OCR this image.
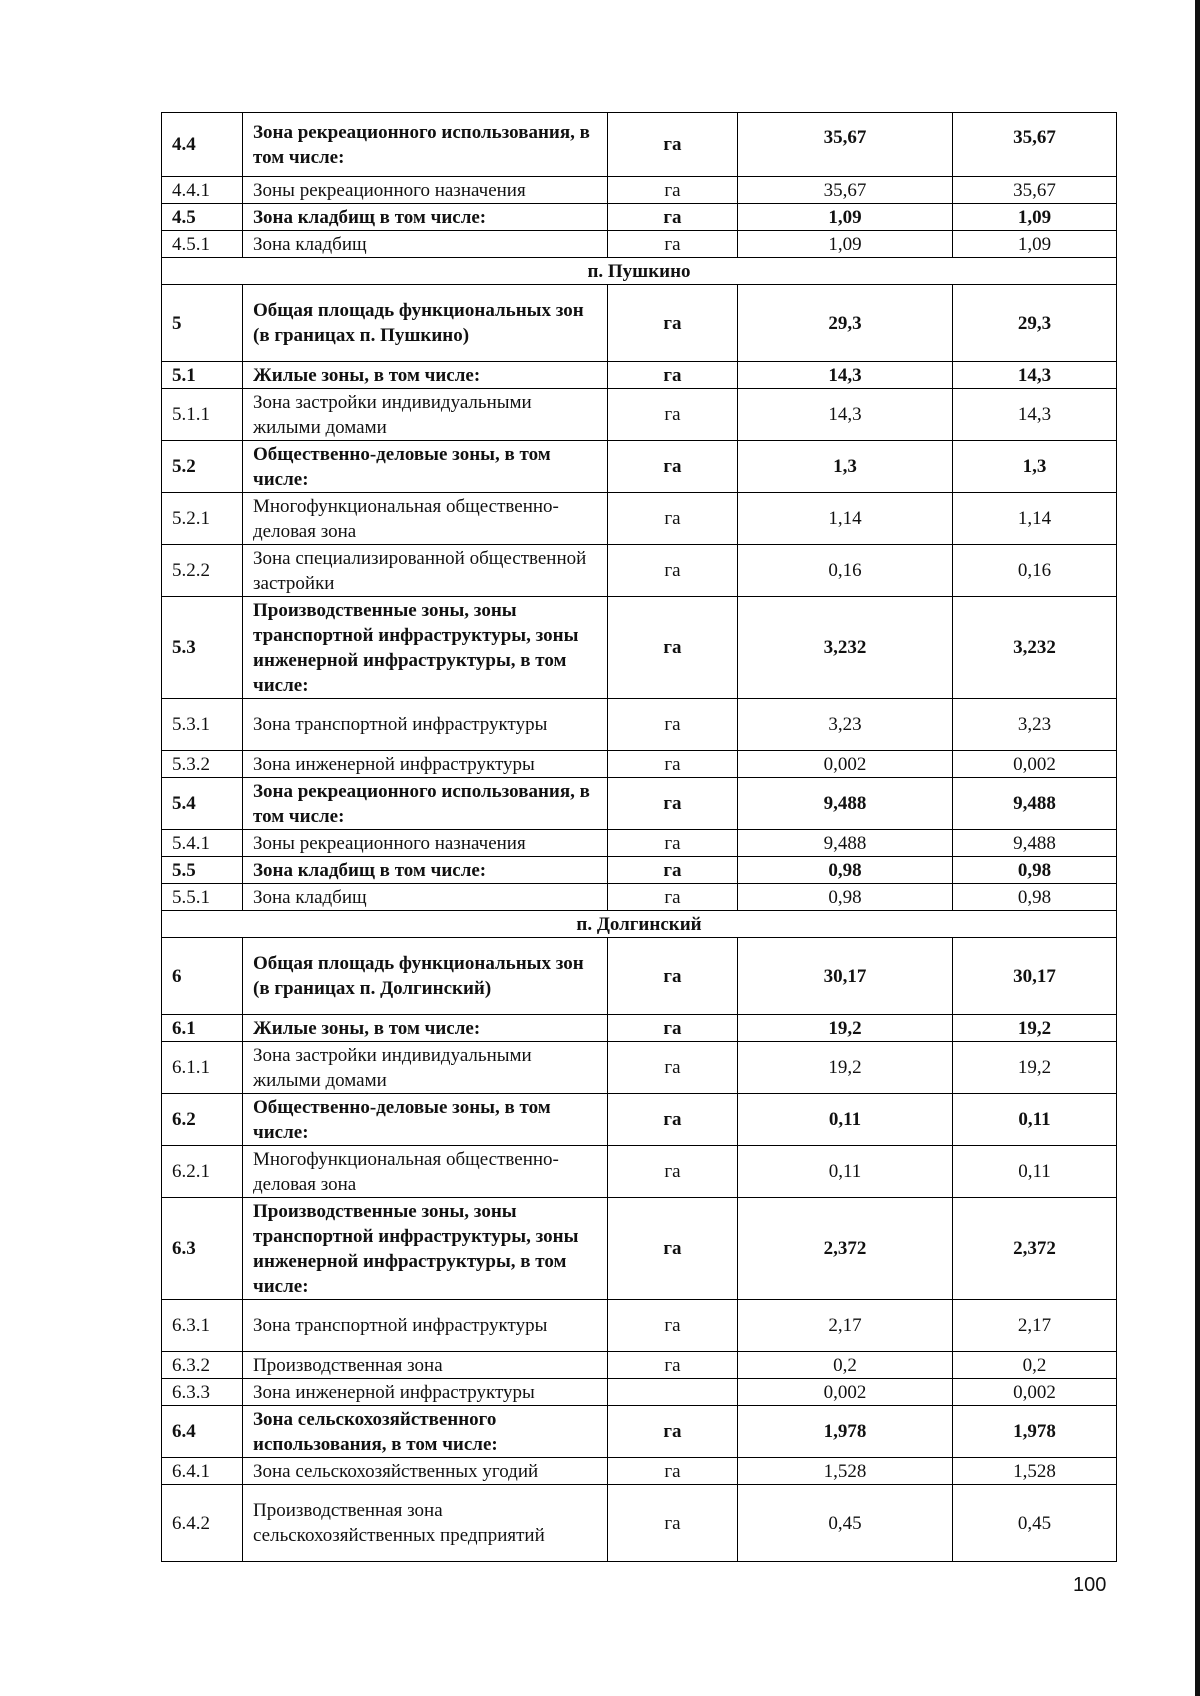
4.4	Зона рекреационного использования, в том числе:	га	35,67	35,67
4.4.1	Зоны рекреационного назначения	га	35,67	35,67
4.5	Зона кладбищ в том числе:	га	1,09	1,09
4.5.1	Зона кладбищ	га	1,09	1,09
п. Пушкино				
5	Общая площадь функциональных зон (в границах п. Пушкино)	га	29,3	29,3
5.1	Жилые зоны, в том числе:	га	14,3	14,3
5.1.1	Зона застройки индивидуальными жилыми домами	га	14,3	14,3
5.2	Общественно-деловые зоны, в том числе:	га	1,3	1,3
5.2.1	Многофункциональная общественно-деловая зона	га	1,14	1,14
5.2.2	Зона специализированной общественной застройки	га	0,16	0,16
5.3	Производственные зоны, зоны транспортной инфраструктуры, зоны инженерной инфраструктуры, в том числе:	га	3,232	3,232
5.3.1	Зона транспортной инфраструктуры	га	3,23	3,23
5.3.2	Зона инженерной инфраструктуры	га	0,002	0,002
5.4	Зона рекреационного использования, в том числе:	га	9,488	9,488
5.4.1	Зоны рекреационного назначения	га	9,488	9,488
5.5	Зона кладбищ в том числе:	га	0,98	0,98
5.5.1	Зона кладбищ	га	0,98	0,98
п. Долгинский				
6	Общая площадь функциональных зон (в границах п. Долгинский)	га	30,17	30,17
6.1	Жилые зоны, в том числе:	га	19,2	19,2
6.1.1	Зона застройки индивидуальными жилыми домами	га	19,2	19,2
6.2	Общественно-деловые зоны, в том числе:	га	0,11	0,11
6.2.1	Многофункциональная общественно-деловая зона	га	0,11	0,11
6.3	Производственные зоны, зоны транспортной инфраструктуры, зоны инженерной инфраструктуры, в том числе:	га	2,372	2,372
6.3.1	Зона транспортной инфраструктуры	га	2,17	2,17
6.3.2	Производственная зона	га	0,2	0,2
6.3.3	Зона инженерной инфраструктуры		0,002	0,002
6.4	Зона сельскохозяйственного использования, в том числе:	га	1,978	1,978
6.4.1	Зона сельскохозяйственных угодий	га	1,528	1,528
6.4.2	Производственная зона сельскохозяйственных предприятий	га	0,45	0,45
100
